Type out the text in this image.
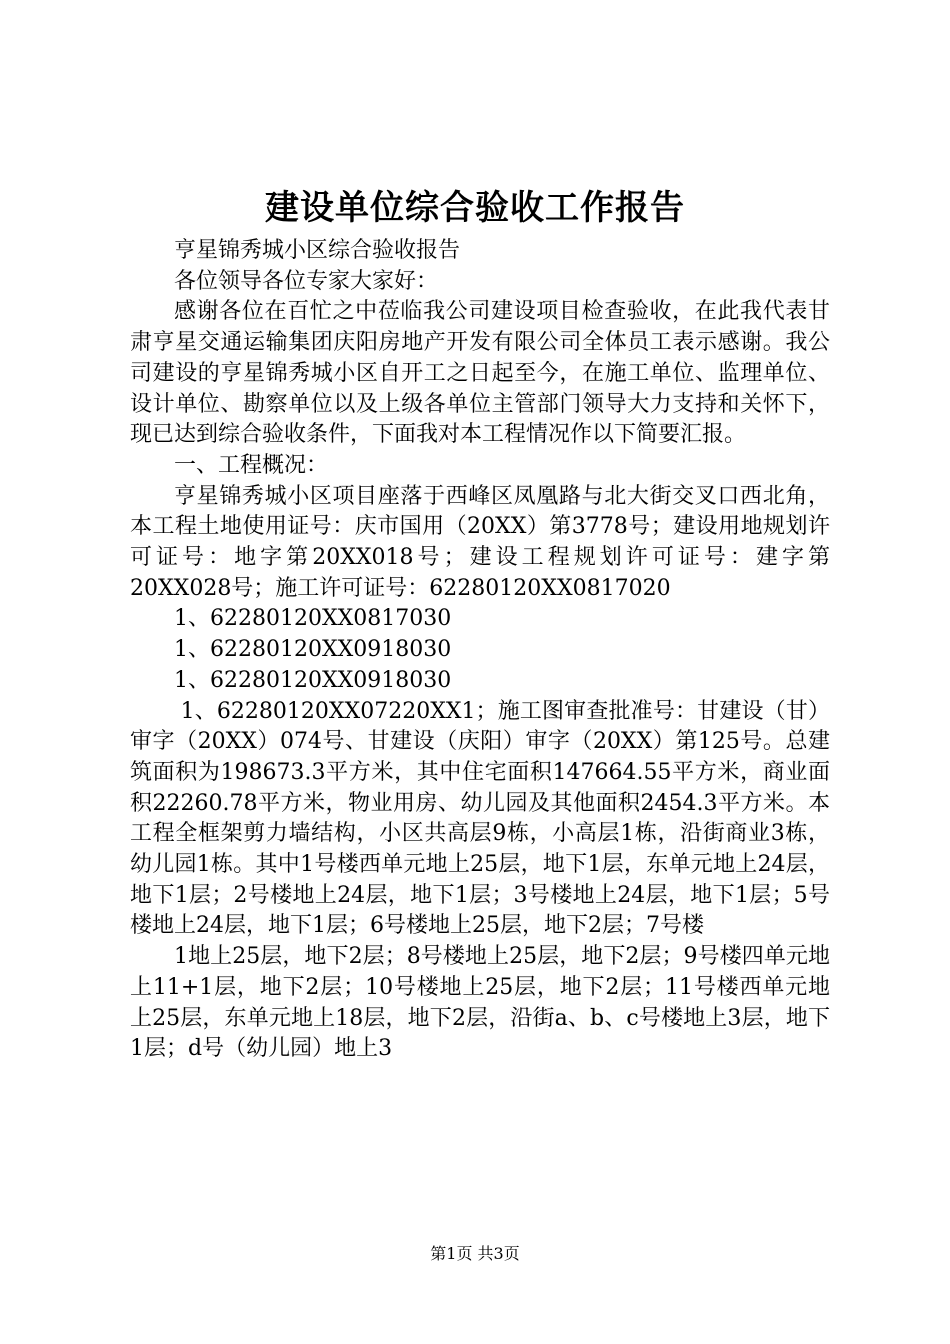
建设单位综合验收工作报告

亨星锦秀城小区综合验收报告

各位领导各位专家大家好：

感谢各位在百忙之中莅临我公司建设项目检查验收，在此我代表甘肃亨星交通运输集团庆阳房地产开发有限公司全体员工表示感谢。我公司建设的亨星锦秀城小区自开工之日起至今，在施工单位、监理单位、设计单位、勘察单位以及上级各单位主管部门领导大力支持和关怀下，现已达到综合验收条件，下面我对本工程情况作以下简要汇报。

一、工程概况：

亨星锦秀城小区项目座落于西峰区凤凰路与北大街交叉口西北角，本工程土地使用证号：庆市国用（20XX）第3778号；建设用地规划许可证号：地字第20XX018号；建设工程规划许可证号：建字第20XX028号；施工许可证号：62280120XX0817020

1、62280120XX0817030

1、62280120XX0918030

1、62280120XX0918030

1、62280120XX07220XX1；施工图审查批准号：甘建设（甘）审字（20XX）074号、甘建设（庆阳）审字（20XX）第125号。总建筑面积为198673.3平方米，其中住宅面积147664.55平方米，商业面积22260.78平方米，物业用房、幼儿园及其他面积2454.3平方米。本工程全框架剪力墙结构，小区共高层9栋，小高层1栋，沿街商业3栋，幼儿园1栋。其中1号楼西单元地上25层，地下1层，东单元地上24层，地下1层；2号楼地上24层，地下1层；3号楼地上24层，地下1层；5号楼地上24层，地下1层；6号楼地上25层，地下2层；7号楼

1地上25层，地下2层；8号楼地上25层，地下2层；9号楼四单元地上11+1层，地下2层；10号楼地上25层，地下2层；11号楼西单元地上25层，东单元地上18层，地下2层，沿街a、b、c号楼地上3层，地下1层；d号（幼儿园）地上3

第1页 共3页
